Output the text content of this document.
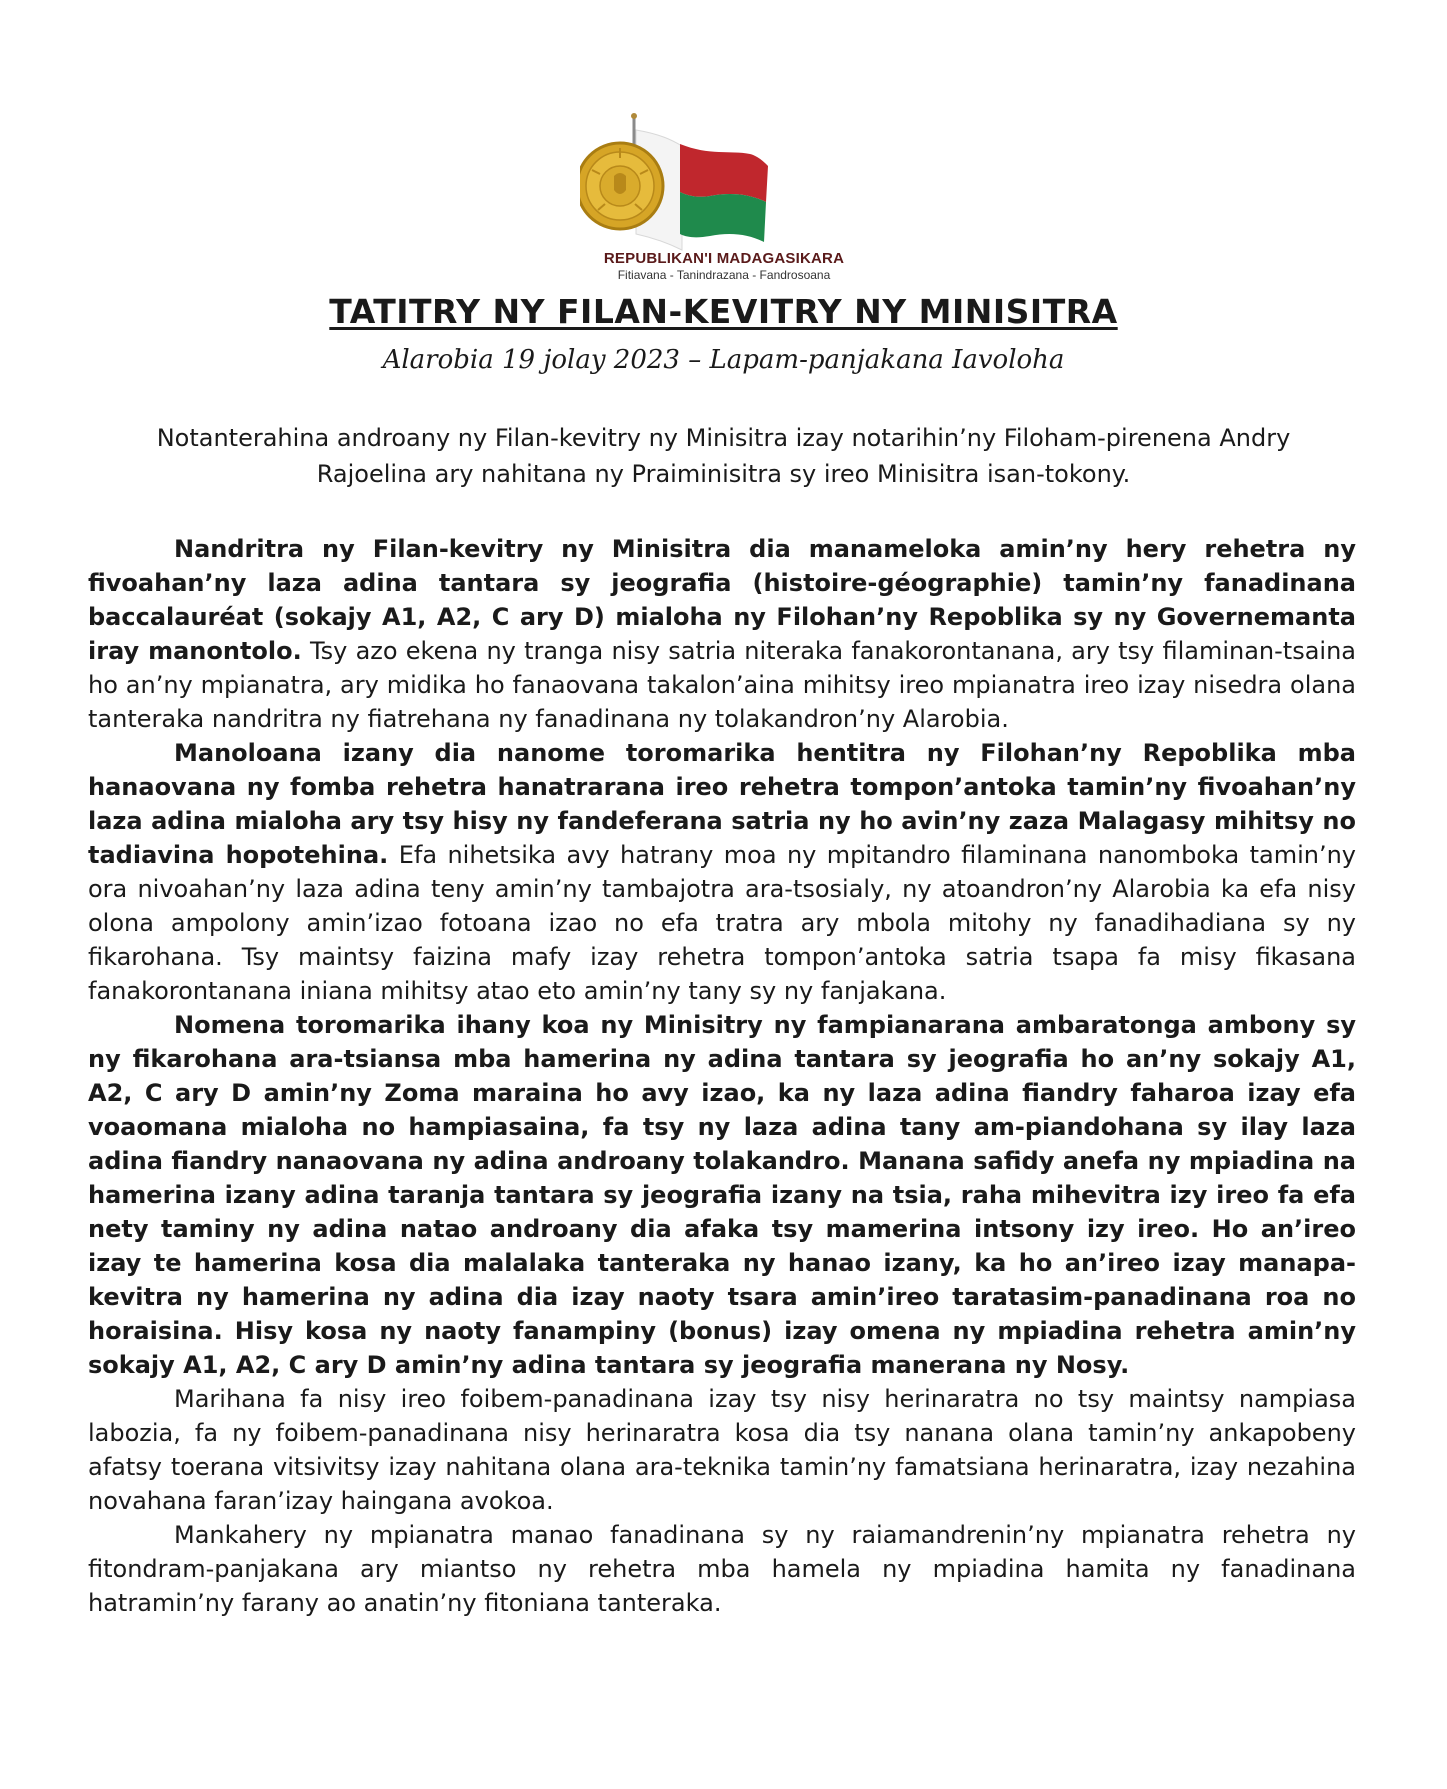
REPUBLIKAN'I MADAGASIKARA
Fitiavana - Tanindrazana - Fandrosoana
TATITRY NY FILAN-KEVITRY NY MINISITRA
Alarobia 19 jolay 2023 – Lapam-panjakana Iavoloha

Notanterahina androany ny Filan-kevitry ny Minisitra izay notarihin’ny Filoham-pirenena Andry Rajoelina ary nahitana ny Praiminisitra sy ireo Minisitra isan-tokony.

Nandritra ny Filan-kevitry ny Minisitra dia manameloka amin’ny hery rehetra ny fivoahan’ny laza adina tantara sy jeografia (histoire-géographie) tamin’ny fanadinana baccalauréat (sokajy A1, A2, C ary D) mialoha ny Filohan’ny Repoblika sy ny Governemanta iray manontolo. Tsy azo ekena ny tranga nisy satria niteraka fanakorontanana, ary tsy filaminan-tsaina ho an’ny mpianatra, ary midika ho fanaovana takalon’aina mihitsy ireo mpianatra ireo izay nisedra olana tanteraka nandritra ny fiatrehana ny fanadinana ny tolakandron’ny Alarobia.

Manoloana izany dia nanome toromarika hentitra ny Filohan’ny Repoblika mba hanaovana ny fomba rehetra hanatrarana ireo rehetra tompon’antoka tamin’ny fivoahan’ny laza adina mialoha ary tsy hisy ny fandeferana satria ny ho avin’ny zaza Malagasy mihitsy no tadiavina hopotehina. Efa nihetsika avy hatrany moa ny mpitandro filaminana nanomboka tamin’ny ora nivoahan’ny laza adina teny amin’ny tambajotra ara-tsosialy, ny atoandron’ny Alarobia ka efa nisy olona ampolony amin’izao fotoana izao no efa tratra ary mbola mitohy ny fanadihadiana sy ny fikarohana. Tsy maintsy faizina mafy izay rehetra tompon’antoka satria tsapa fa misy fikasana fanakorontanana iniana mihitsy atao eto amin’ny tany sy ny fanjakana.

Nomena toromarika ihany koa ny Minisitry ny fampianarana ambaratonga ambony sy ny fikarohana ara-tsiansa mba hamerina ny adina tantara sy jeografia ho an’ny sokajy A1, A2, C ary D amin’ny Zoma maraina ho avy izao, ka ny laza adina fiandry faharoa izay efa voaomana mialoha no hampiasaina, fa tsy ny laza adina tany am-piandohana sy ilay laza adina fiandry nanaovana ny adina androany tolakandro. Manana safidy anefa ny mpiadina na hamerina izany adina taranja tantara sy jeografia izany na tsia, raha mihevitra izy ireo fa efa nety taminy ny adina natao androany dia afaka tsy mamerina intsony izy ireo. Ho an’ireo izay te hamerina kosa dia malalaka tanteraka ny hanao izany, ka ho an’ireo izay manapa-kevitra ny hamerina ny adina dia izay naoty tsara amin’ireo taratasim-panadinana roa no horaisina. Hisy kosa ny naoty fanampiny (bonus) izay omena ny mpiadina rehetra amin’ny sokajy A1, A2, C ary D amin’ny adina tantara sy jeografia manerana ny Nosy.

Marihana fa nisy ireo foibem-panadinana izay tsy nisy herinaratra no tsy maintsy nampiasa labozia, fa ny foibem-panadinana nisy herinaratra kosa dia tsy nanana olana tamin’ny ankapobeny afatsy toerana vitsivitsy izay nahitana olana ara-teknika tamin’ny famatsiana herinaratra, izay nezahina novahana faran’izay haingana avokoa.

Mankahery ny mpianatra manao fanadinana sy ny raiamandrenin’ny mpianatra rehetra ny fitondram-panjakana ary miantso ny rehetra mba hamela ny mpiadina hamita ny fanadinana hatramin’ny farany ao anatin’ny fitoniana tanteraka.
